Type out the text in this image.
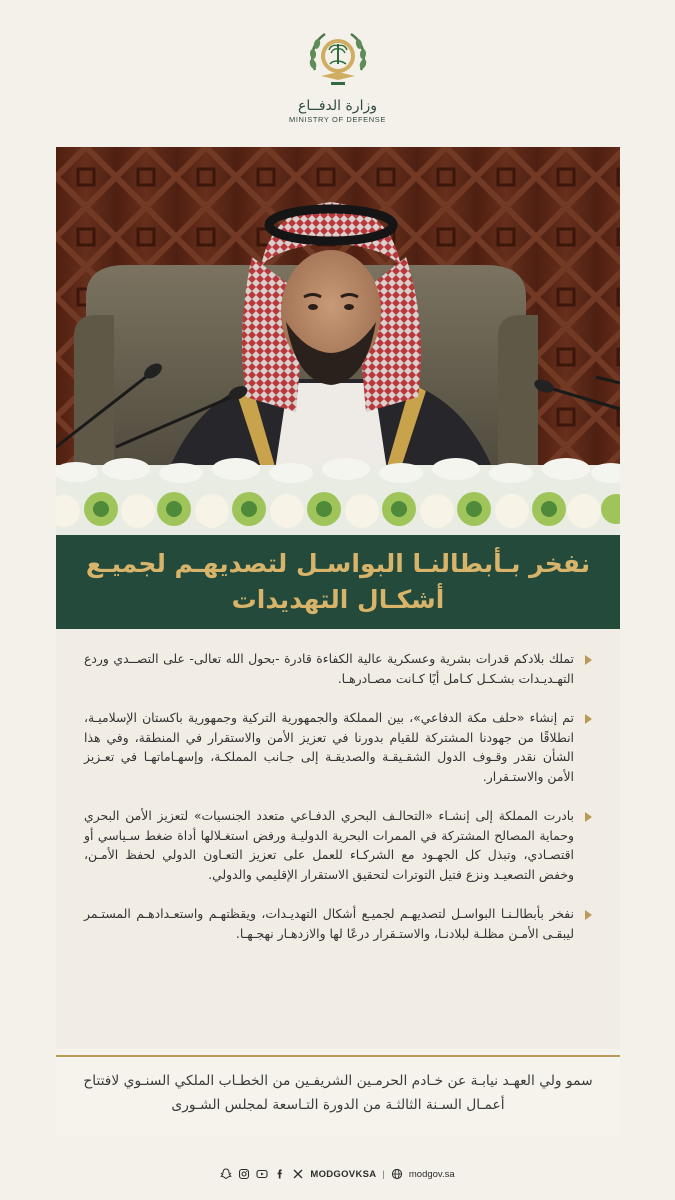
وزارة الدفــاع
MINISTRY OF DEFENSE
نفخر بـأبطالنـا البواسـل لتصديهـم لجميـع أشكـال التهديدات
تملك بلادكم قدرات بشرية وعسكرية عالية الكفاءة قادرة -بحول الله تعالى- على التصــدي وردع التهـديـدات بشـكـل كـامل أيًا كـانت مصـادرهـا.
تم إنشاء «حلف مكة الدفاعي»، بين المملكة والجمهورية التركية وجمهورية باكستان الإسلاميـة، انطلاقًا من جهودنا المشتركة للقيام بدورنا في تعزيز الأمن والاستقرار في المنطقة، وفي هذا الشأن نقدر وقـوف الدول الشقـيقـة والصديقـة إلى جـانب المملكـة، وإسهـاماتهـا في تعـزيز الأمن والاستـقرار.
بادرت المملكة إلى إنشـاء «التحالـف البحري الدفـاعي متعدد الجنسيات» لتعزيز الأمن البحري وحماية المصالح المشتركة في الممرات البحرية الدوليـة ورفض استغـلالها أداة ضغط سـياسي أو اقتصـادي، وتبذل كل الجهـود مع الشركـاء للعمل على تعزيز التعـاون الدولي لحفظ الأمـن، وخفض التصعيـد ونزع فتيل التوترات لتحقيق الاستقرار الإقليمي والدولي.
نفخر بأبطالـنـا البواسـل لتصديهـم لجميـع أشكال التهديـدات، ويقظتهـم واستعـدادهـم المستـمر ليبقـى الأمـن مظلـة لبلادنـا، والاستـقرار درعًا لها والازدهـار نهجـهـا.
سمو ولي العهـد نيابـة عن خـادم الحرمـين الشريفـين من الخطـاب الملكي السنـوي لافتتاح أعمـال السـنة الثالثـة من الدورة التـاسعة لمجلس الشـورى
MODGOVKSA |	modgov.sa
